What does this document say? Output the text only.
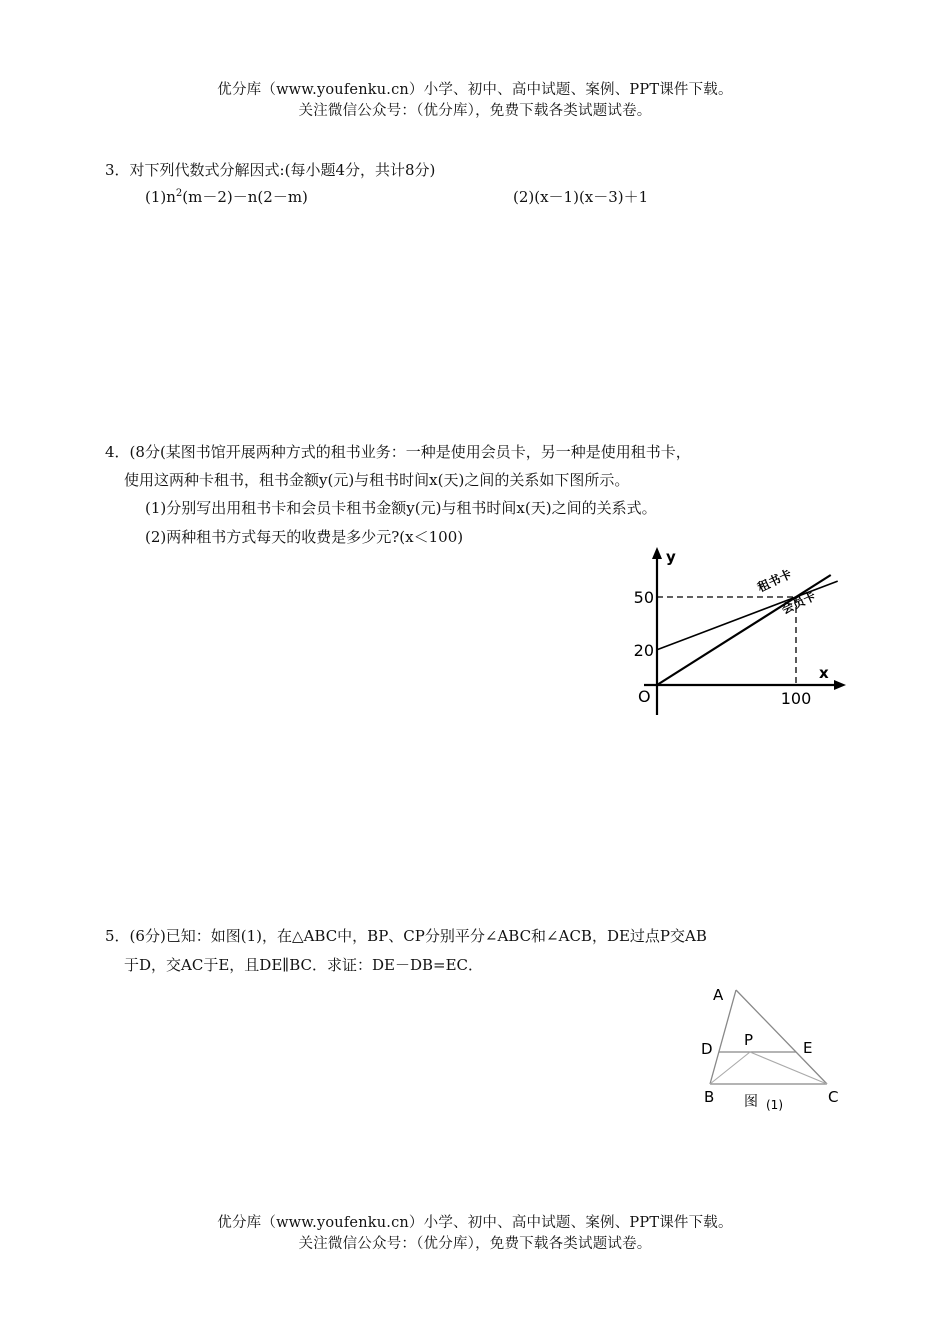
优分库（www.youfenku.cn）小学、初中、高中试题、案例、PPT课件下载。
关注微信公众号：（优分库），免费下载各类试题试卷。
3．对下列代数式分解因式:(每小题4分，共计8分)
$(1)n^2(m-2)-n(2-m)$	(2)(x－1)(x－3)＋1
4．(8分(某图书馆开展两种方式的租书业务：一种是使用会员卡，另一种是使用租书卡，
使用这两种卡租书，租书金额y(元)与租书时间x(天)之间的关系如下图所示。
(1)分别写出用租书卡和会员卡租书金额y(元)与租书时间x(天)之间的关系式。
(2)两种租书方式每天的收费是多少元?(x＜100)
y
x
O
50
20
100
租书卡
会员卡
5．(6分)已知：如图(1)，在△ABC中，BP、CP分别平分∠ABC和∠ACB，DE过点P交AB
于D，交AC于E，且DE∥BC．求证：DE－DB=EC．
A
D P	E
B	C
图 (1)
优分库（www.youfenku.cn）小学、初中、高中试题、案例、PPT课件下载。
关注微信公众号：（优分库），免费下载各类试题试卷。
